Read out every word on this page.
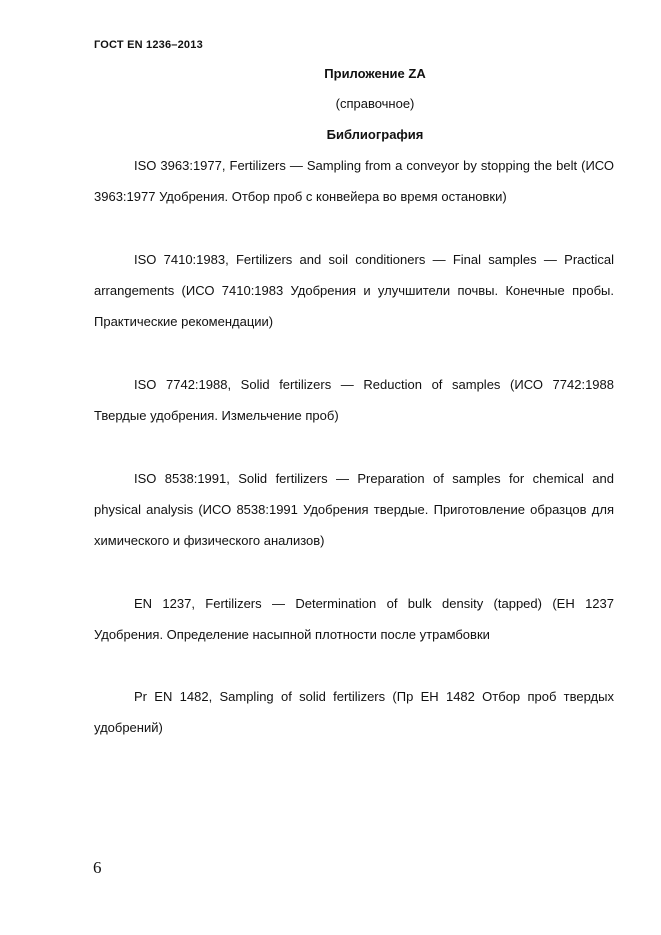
ГОСТ EN 1236–2013
Приложение ZA
(справочное)
Библиография

ISO 3963:1977, Fertilizers — Sampling from a conveyor by stopping the belt (ИСО 3963:1977 Удобрения. Отбор проб с конвейера во время остановки)

ISO 7410:1983, Fertilizers and soil conditioners — Final samples — Practical arrangements (ИСО 7410:1983 Удобрения и улучшители почвы. Конечные пробы. Практические рекомендации)

ISO 7742:1988, Solid fertilizers — Reduction of samples (ИСО 7742:1988 Твердые удобрения. Измельчение проб)

ISO 8538:1991, Solid fertilizers — Preparation of samples for chemical and physical analysis (ИСО 8538:1991 Удобрения твердые. Приготовление образцов для химического и физического анализов)

EN 1237, Fertilizers — Determination of bulk density (tapped) (ЕН 1237 Удобрения. Определение насыпной плотности после утрамбовки

Pr EN 1482, Sampling of solid fertilizers (Пр ЕН 1482 Отбор проб твердых удобрений)

6
